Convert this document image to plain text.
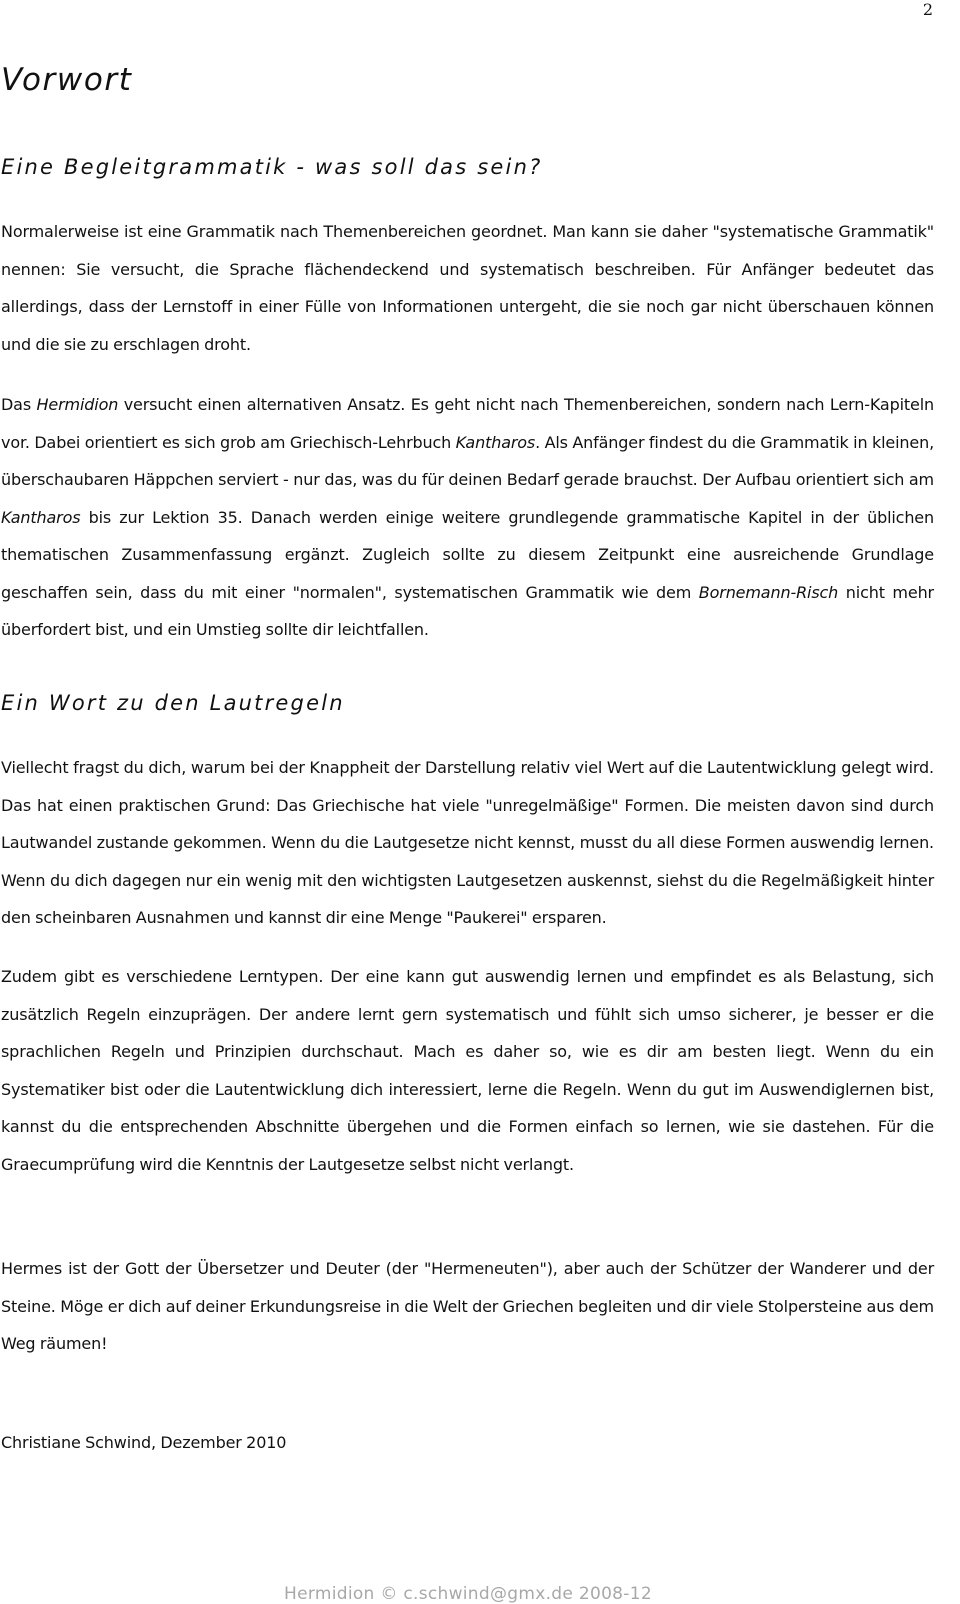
2
Vorwort
Eine Begleitgrammatik - was soll das sein?

Normalerweise ist eine Grammatik nach Themenbereichen geordnet. Man kann sie daher "systematische Grammatik" nennen: Sie versucht, die Sprache flächendeckend und systematisch beschreiben. Für Anfänger bedeutet das allerdings, dass der Lernstoff in einer Fülle von Informationen untergeht, die sie noch gar nicht überschauen können und die sie zu erschlagen droht.

Das Hermidion versucht einen alternativen Ansatz. Es geht nicht nach Themenbereichen, sondern nach Lern-Kapiteln vor. Dabei orientiert es sich grob am Griechisch-Lehrbuch Kantharos. Als Anfänger findest du die Grammatik in kleinen, überschaubaren Häppchen serviert - nur das, was du für deinen Bedarf gerade brauchst. Der Aufbau orientiert sich am Kantharos bis zur Lektion 35. Danach werden einige weitere grundlegende grammatische Kapitel in der üblichen thematischen Zusammenfassung ergänzt. Zugleich sollte zu diesem Zeitpunkt eine ausreichende Grundlage geschaffen sein, dass du mit einer "normalen", systematischen Grammatik wie dem Bornemann-Risch nicht mehr überfordert bist, und ein Umstieg sollte dir leichtfallen.

Ein Wort zu den Lautregeln

Viellecht fragst du dich, warum bei der Knappheit der Darstellung relativ viel Wert auf die Lautentwicklung gelegt wird. Das hat einen praktischen Grund: Das Griechische hat viele "unregelmäßige" Formen. Die meisten davon sind durch Lautwandel zustande gekommen. Wenn du die Lautgesetze nicht kennst, musst du all diese Formen auswendig lernen. Wenn du dich dagegen nur ein wenig mit den wichtigsten Lautgesetzen auskennst, siehst du die Regelmäßigkeit hinter den scheinbaren Ausnahmen und kannst dir eine Menge "Paukerei" ersparen.

Zudem gibt es verschiedene Lerntypen. Der eine kann gut auswendig lernen und empfindet es als Belastung, sich zusätzlich Regeln einzuprägen. Der andere lernt gern systematisch und fühlt sich umso sicherer, je besser er die sprachlichen Regeln und Prinzipien durchschaut. Mach es daher so, wie es dir am besten liegt. Wenn du ein Systematiker bist oder die Lautentwicklung dich interessiert, lerne die Regeln. Wenn du gut im Auswendiglernen bist, kannst du die entsprechenden Abschnitte übergehen und die Formen einfach so lernen, wie sie dastehen. Für die Graecumprüfung wird die Kenntnis der Lautgesetze selbst nicht verlangt.

Hermes ist der Gott der Übersetzer und Deuter (der "Hermeneuten"), aber auch der Schützer der Wanderer und der Steine. Möge er dich auf deiner Erkundungsreise in die Welt der Griechen begleiten und dir viele Stolpersteine aus dem Weg räumen!

Christiane Schwind, Dezember 2010

Hermidion © c.schwind@gmx.de 2008-12
